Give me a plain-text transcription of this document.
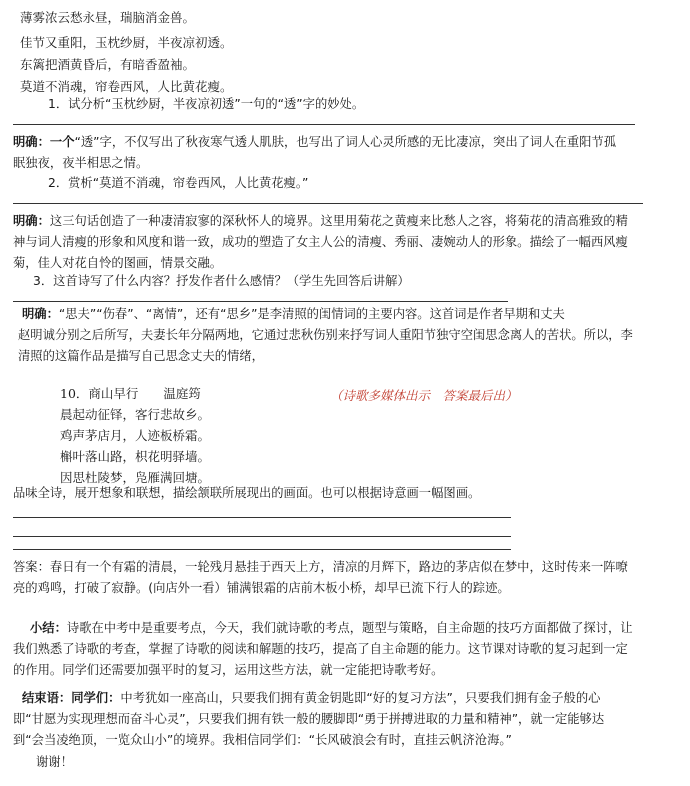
薄雾浓云愁永昼，瑞脑消金兽。
佳节又重阳，玉枕纱厨，半夜凉初透。
东篱把酒黄昏后，有暗香盈袖。
莫道不消魂，帘卷西风，人比黄花瘦。
1．试分析“玉枕纱厨，半夜凉初透”一句的“透”字的妙处。
明确：一个“透”字，不仅写出了秋夜寒气透人肌肤，也写出了词人心灵所感的无比凄凉，突出了词人在重阳节孤
眠独夜，夜半相思之情。
2．赏析“莫道不消魂，帘卷西风，人比黄花瘦。”
明确：这三句话创造了一种凄清寂寥的深秋怀人的境界。这里用菊花之黄瘦来比愁人之容，将菊花的清高雅致的精
神与词人清瘦的形象和风度和谐一致，成功的塑造了女主人公的清瘦、秀丽、凄婉动人的形象。描绘了一幅西风瘦
菊，佳人对花自怜的图画，情景交融。
3．这首诗写了什么内容？抒发作者什么感情？（学生先回答后讲解）
明确：“思夫”“伤春”、“离情”，还有“思乡”是李清照的闺情词的主要内容。这首词是作者早期和丈夫
赵明诚分别之后所写，夫妻长年分隔两地，它通过悲秋伤别来抒写词人重阳节独守空闺思念离人的苦状。所以，李
清照的这篇作品是描写自己思念丈夫的情绪，
10．商山早行　　温庭筠	（诗歌多媒体出示　答案最后出）
晨起动征铎，客行悲故乡。
鸡声茅店月，人迹板桥霜。
槲叶落山路，枳花明驿墙。
因思杜陵梦，凫雁满回塘。
品味全诗，展开想象和联想，描绘颔联所展现出的画面。也可以根据诗意画一幅图画。
答案：春日有一个有霜的清晨，一轮残月悬挂于西天上方，清凉的月辉下，路边的茅店似在梦中，这时传来一阵嘹
亮的鸡鸣，打破了寂静。(向店外一看）铺满银霜的店前木板小桥，却早已流下行人的踪迹。
小结：诗歌在中考中是重要考点，今天，我们就诗歌的考点，题型与策略，自主命题的技巧方面都做了探讨，让
我们熟悉了诗歌的考查，掌握了诗歌的阅读和解题的技巧，提高了自主命题的能力。这节课对诗歌的复习起到一定
的作用。同学们还需要加强平时的复习，运用这些方法，就一定能把诗歌考好。
结束语：同学们：中考犹如一座高山，只要我们拥有黄金钥匙即“好的复习方法”，只要我们拥有金子般的心
即“甘愿为实现理想而奋斗心灵”，只要我们拥有铁一般的腰脚即“勇于拼搏进取的力量和精神”，就一定能够达
到“会当凌绝顶，一览众山小”的境界。我相信同学们：“长风破浪会有时，直挂云帆济沧海。”
谢谢！
